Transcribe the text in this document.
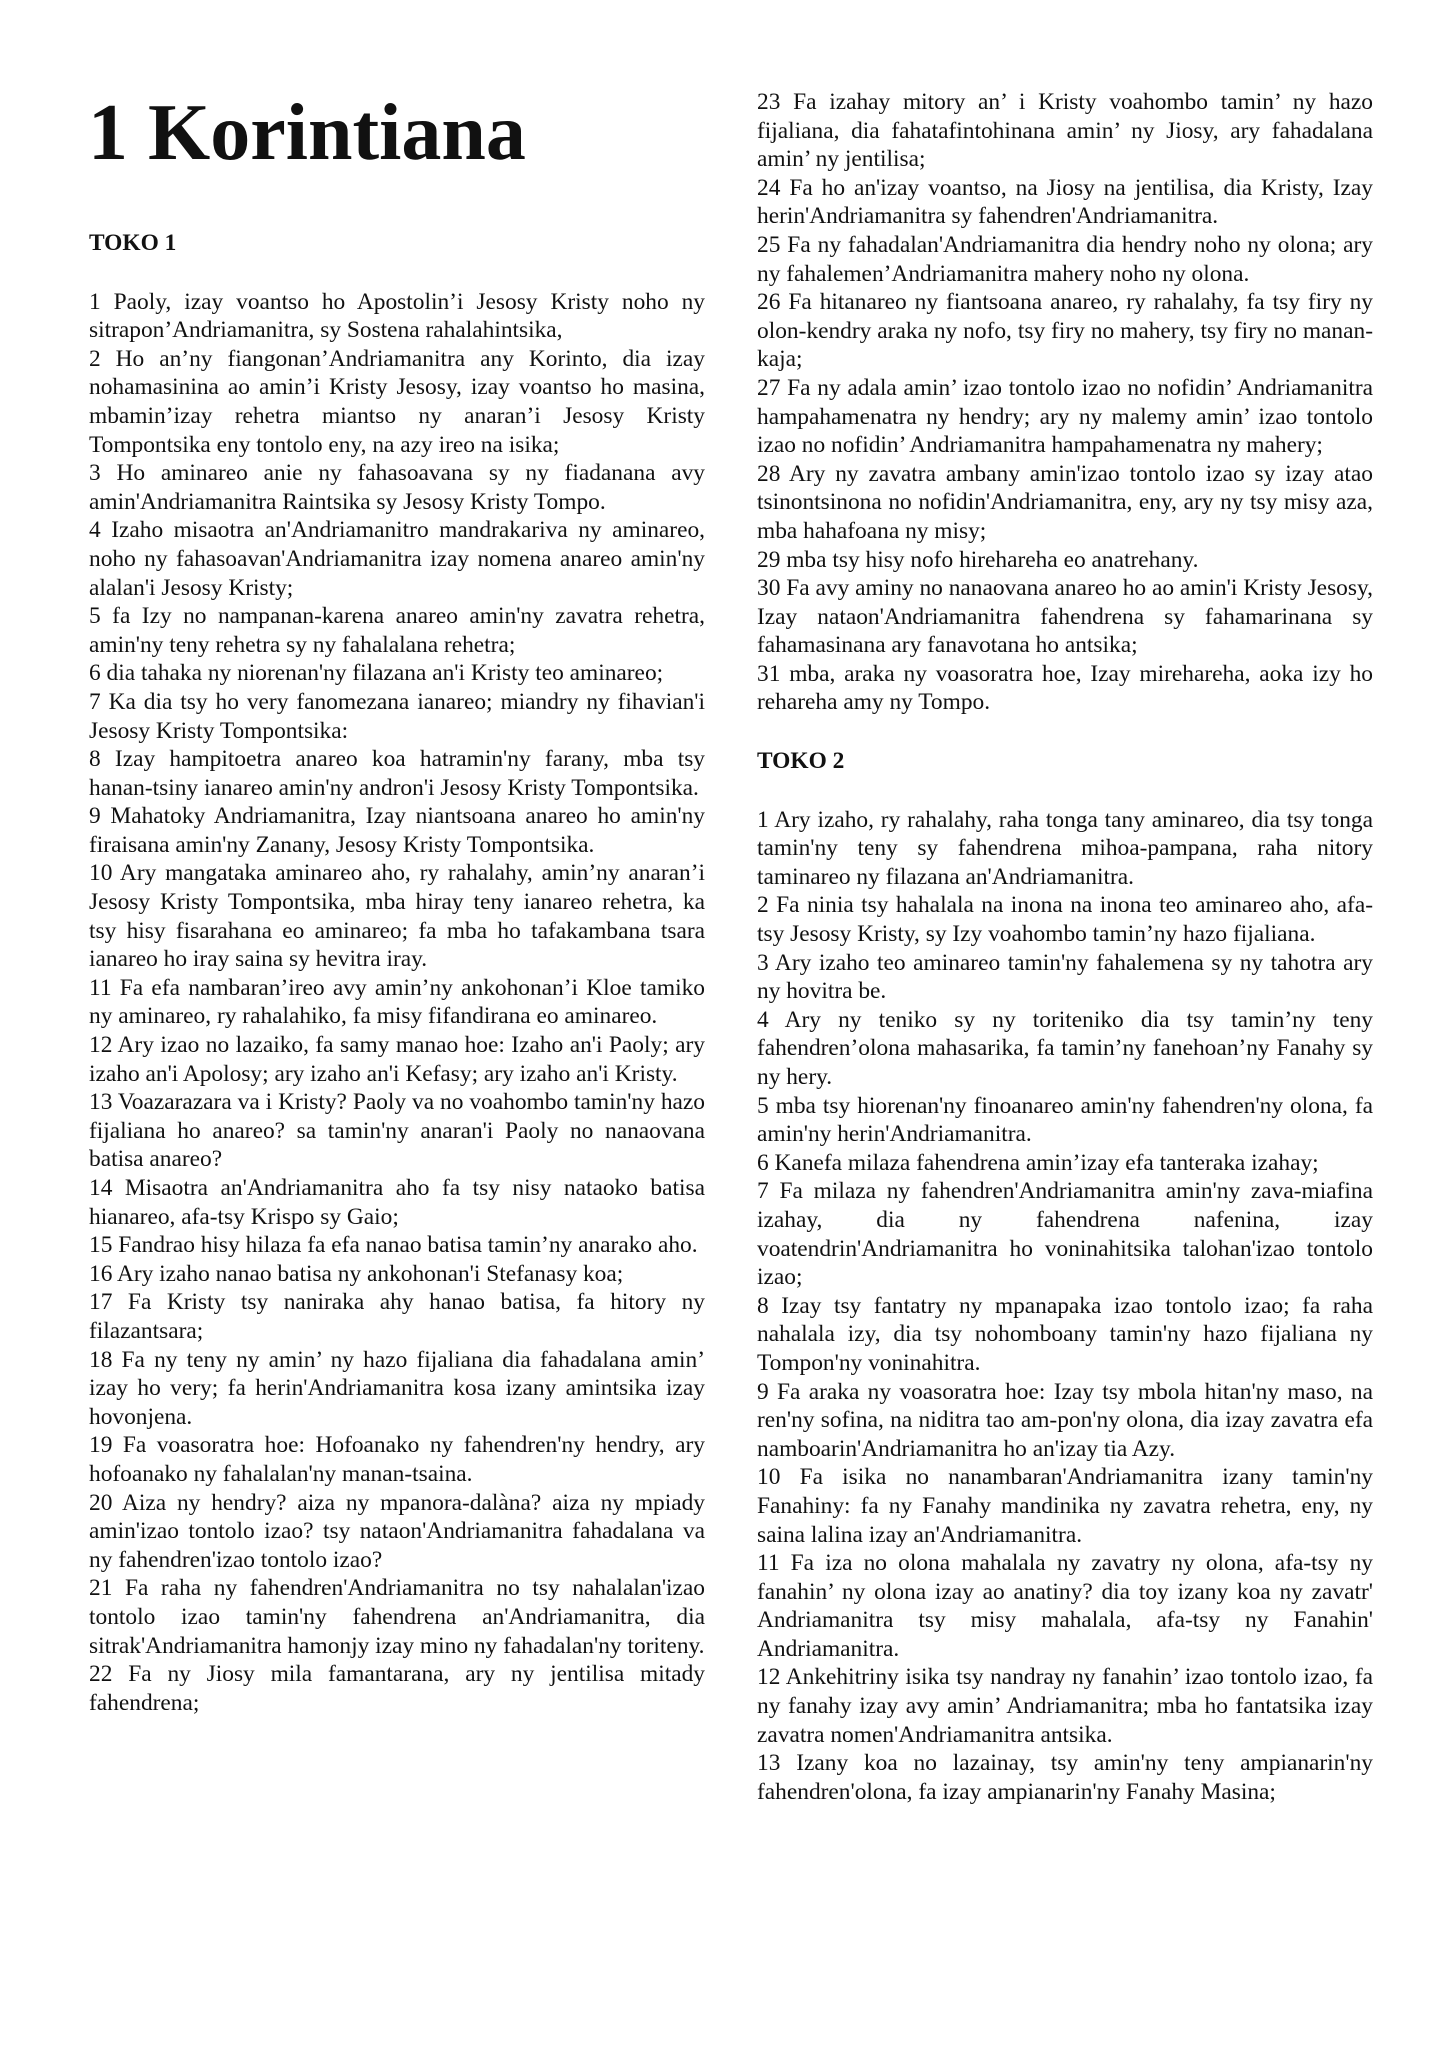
1 Korintiana
TOKO 1

1 Paoly, izay voantso ho Apostolin’i Jesosy Kristy noho ny sitrapon’Andriamanitra, sy Sostena rahalahintsika,

2 Ho an’ny fiangonan’Andriamanitra any Korinto, dia izay nohamasinina ao amin’i Kristy Jesosy, izay voantso ho masina, mbamin’izay rehetra miantso ny anaran’i Jesosy Kristy Tompontsika eny tontolo eny, na azy ireo na isika;

3 Ho aminareo anie ny fahasoavana sy ny fiadanana avy amin'Andriamanitra Raintsika sy Jesosy Kristy Tompo.

4 Izaho misaotra an'Andriamanitro mandrakariva ny aminareo, noho ny fahasoavan'Andriamanitra izay nomena anareo amin'ny alalan'i Jesosy Kristy;

5 fa Izy no nampanan-karena anareo amin'ny zavatra rehetra, amin'ny teny rehetra sy ny fahalalana rehetra;

6 dia tahaka ny niorenan'ny filazana an'i Kristy teo aminareo;

7 Ka dia tsy ho very fanomezana ianareo; miandry ny fihavian'i Jesosy Kristy Tompontsika:

8 Izay hampitoetra anareo koa hatramin'ny farany, mba tsy hanan-tsiny ianareo amin'ny andron'i Jesosy Kristy Tompontsika.

9 Mahatoky Andriamanitra, Izay niantsoana anareo ho amin'ny firaisana amin'ny Zanany, Jesosy Kristy Tompontsika.

10 Ary mangataka aminareo aho, ry rahalahy, amin’ny anaran’i Jesosy Kristy Tompontsika, mba hiray teny ianareo rehetra, ka tsy hisy fisarahana eo aminareo; fa mba ho tafakambana tsara ianareo ho iray saina sy hevitra iray.

11 Fa efa nambaran’ireo avy amin’ny ankohonan’i Kloe tamiko ny aminareo, ry rahalahiko, fa misy fifandirana eo aminareo.

12 Ary izao no lazaiko, fa samy manao hoe: Izaho an'i Paoly; ary izaho an'i Apolosy; ary izaho an'i Kefasy; ary izaho an'i Kristy.

13 Voazarazara va i Kristy? Paoly va no voahombo tamin'ny hazo fijaliana ho anareo? sa tamin'ny anaran'i Paoly no nanaovana batisa anareo?

14 Misaotra an'Andriamanitra aho fa tsy nisy nataoko batisa hianareo, afa-tsy Krispo sy Gaio;

15 Fandrao hisy hilaza fa efa nanao batisa tamin’ny anarako aho.

16 Ary izaho nanao batisa ny ankohonan'i Stefanasy koa;

17 Fa Kristy tsy naniraka ahy hanao batisa, fa hitory ny filazantsara;

18 Fa ny teny ny amin’ ny hazo fijaliana dia fahadalana amin’ izay ho very; fa herin'Andriamanitra kosa izany amintsika izay hovonjena.

19 Fa voasoratra hoe: Hofoanako ny fahendren'ny hendry, ary hofoanako ny fahalalan'ny manan-tsaina.

20 Aiza ny hendry? aiza ny mpanora-dalàna? aiza ny mpiady amin'izao tontolo izao? tsy nataon'Andriamanitra fahadalana va ny fahendren'izao tontolo izao?

21 Fa raha ny fahendren'Andriamanitra no tsy nahalalan'izao tontolo izao tamin'ny fahendrena an'Andriamanitra, dia sitrak'Andriamanitra hamonjy izay mino ny fahadalan'ny toriteny.

22 Fa ny Jiosy mila famantarana, ary ny jentilisa mitady fahendrena;

23 Fa izahay mitory an’ i Kristy voahombo tamin’ ny hazo fijaliana, dia fahatafintohinana amin’ ny Jiosy, ary fahadalana amin’ ny jentilisa;

24 Fa ho an'izay voantso, na Jiosy na jentilisa, dia Kristy, Izay herin'Andriamanitra sy fahendren'Andriamanitra.

25 Fa ny fahadalan'Andriamanitra dia hendry noho ny olona; ary ny fahalemen’Andriamanitra mahery noho ny olona.

26 Fa hitanareo ny fiantsoana anareo, ry rahalahy, fa tsy firy ny olon-kendry araka ny nofo, tsy firy no mahery, tsy firy no manan-kaja;

27 Fa ny adala amin’ izao tontolo izao no nofidin’ Andriamanitra hampahamenatra ny hendry; ary ny malemy amin’ izao tontolo izao no nofidin’ Andriamanitra hampahamenatra ny mahery;

28 Ary ny zavatra ambany amin'izao tontolo izao sy izay atao tsinontsinona no nofidin'Andriamanitra, eny, ary ny tsy misy aza, mba hahafoana ny misy;

29 mba tsy hisy nofo hirehareha eo anatrehany.

30 Fa avy aminy no nanaovana anareo ho ao amin'i Kristy Jesosy, Izay nataon'Andriamanitra fahendrena sy fahamarinana sy fahamasinana ary fanavotana ho antsika;

31 mba, araka ny voasoratra hoe, Izay mirehareha, aoka izy ho rehareha amy ny Tompo.

TOKO 2

1 Ary izaho, ry rahalahy, raha tonga tany aminareo, dia tsy tonga tamin'ny teny sy fahendrena mihoa-pampana, raha nitory taminareo ny filazana an'Andriamanitra.

2 Fa ninia tsy hahalala na inona na inona teo aminareo aho, afa-tsy Jesosy Kristy, sy Izy voahombo tamin’ny hazo fijaliana.

3 Ary izaho teo aminareo tamin'ny fahalemena sy ny tahotra ary ny hovitra be.

4 Ary ny teniko sy ny toriteniko dia tsy tamin’ny teny fahendren’olona mahasarika, fa tamin’ny fanehoan’ny Fanahy sy ny hery.

5 mba tsy hiorenan'ny finoanareo amin'ny fahendren'ny olona, fa amin'ny herin'Andriamanitra.

6 Kanefa milaza fahendrena amin’izay efa tanteraka izahay;

7 Fa milaza ny fahendren'Andriamanitra amin'ny zava-miafina izahay, dia ny fahendrena nafenina, izay voatendrin'Andriamanitra ho voninahitsika talohan'izao tontolo izao;

8 Izay tsy fantatry ny mpanapaka izao tontolo izao; fa raha nahalala izy, dia tsy nohomboany tamin'ny hazo fijaliana ny Tompon'ny voninahitra.

9 Fa araka ny voasoratra hoe: Izay tsy mbola hitan'ny maso, na ren'ny sofina, na niditra tao am-pon'ny olona, dia izay zavatra efa namboarin'Andriamanitra ho an'izay tia Azy.

10 Fa isika no nanambaran'Andriamanitra izany tamin'ny Fanahiny: fa ny Fanahy mandinika ny zavatra rehetra, eny, ny saina lalina izay an'Andriamanitra.

11 Fa iza no olona mahalala ny zavatry ny olona, afa-tsy ny fanahin’ ny olona izay ao anatiny? dia toy izany koa ny zavatr' Andriamanitra tsy misy mahalala, afa-tsy ny Fanahin' Andriamanitra.

12 Ankehitriny isika tsy nandray ny fanahin’ izao tontolo izao, fa ny fanahy izay avy amin’ Andriamanitra; mba ho fantatsika izay zavatra nomen'Andriamanitra antsika.

13 Izany koa no lazainay, tsy amin'ny teny ampianarin'ny fahendren'olona, fa izay ampianarin'ny Fanahy Masina;
